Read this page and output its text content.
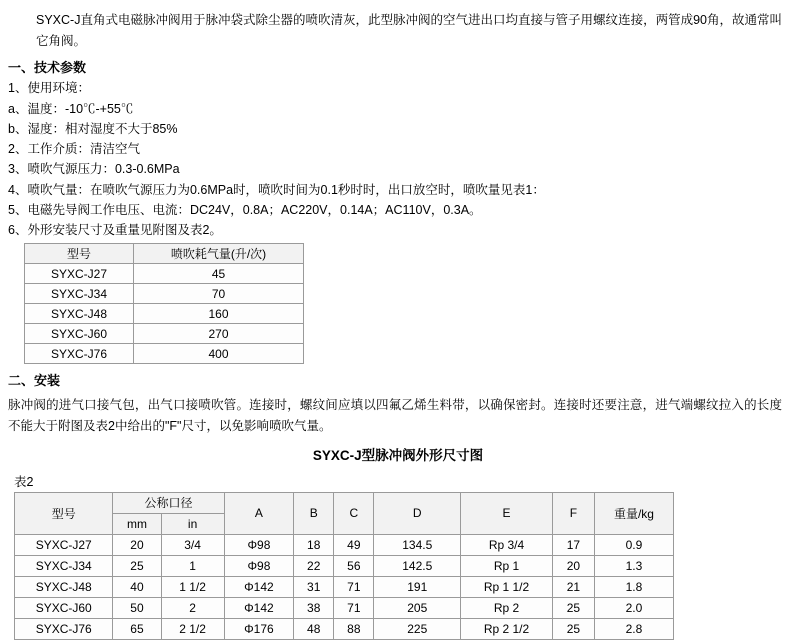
SYXC-J直角式电磁脉冲阀用于脉冲袋式除尘器的喷吹清灰，此型脉冲阀的空气进出口均直接与管子用螺纹连接，两管成90角，故通常叫它角阀。
一、技术参数
1、使用环境：
a、温度：-10℃-+55℃
b、湿度：相对湿度不大于85%
2、工作介质：清洁空气
3、喷吹气源压力：0.3-0.6MPa
4、喷吹气量：在喷吹气源压力为0.6MPa时，喷吹时间为0.1秒时时，出口放空时，喷吹量见表1：
5、电磁先导阀工作电压、电流：DC24V，0.8A；AC220V，0.14A；AC110V，0.3A。
6、外形安装尺寸及重量见附图及表2。
型号	喷吹耗气量(升/次)
SYXC-J27	45
SYXC-J34	70
SYXC-J48	160
SYXC-J60	270
SYXC-J76	400
二、安装
脉冲阀的进气口接气包，出气口接喷吹管。连接时，螺纹间应填以四氟乙烯生料带，以确保密封。连接时还要注意，进气端螺纹拉入的长度不能大于附图及表2中给出的"F"尺寸，以免影响喷吹气量。
SYXC-J型脉冲阀外形尺寸图
表2
型号	公称口径		A	B	C	D	E	F	重量/kg
	mm	in							
SYXC-J27	20	3/4	Φ98	18	49	134.5	Rp 3/4	17	0.9
SYXC-J34	25	1	Φ98	22	56	142.5	Rp 1	20	1.3
SYXC-J48	40	1 1/2	Φ142	31	71	191	Rp 1 1/2	21	1.8
SYXC-J60	50	2	Φ142	38	71	205	Rp 2	25	2.0
SYXC-J76	65	2 1/2	Φ176	48	88	225	Rp 2 1/2	25	2.8
